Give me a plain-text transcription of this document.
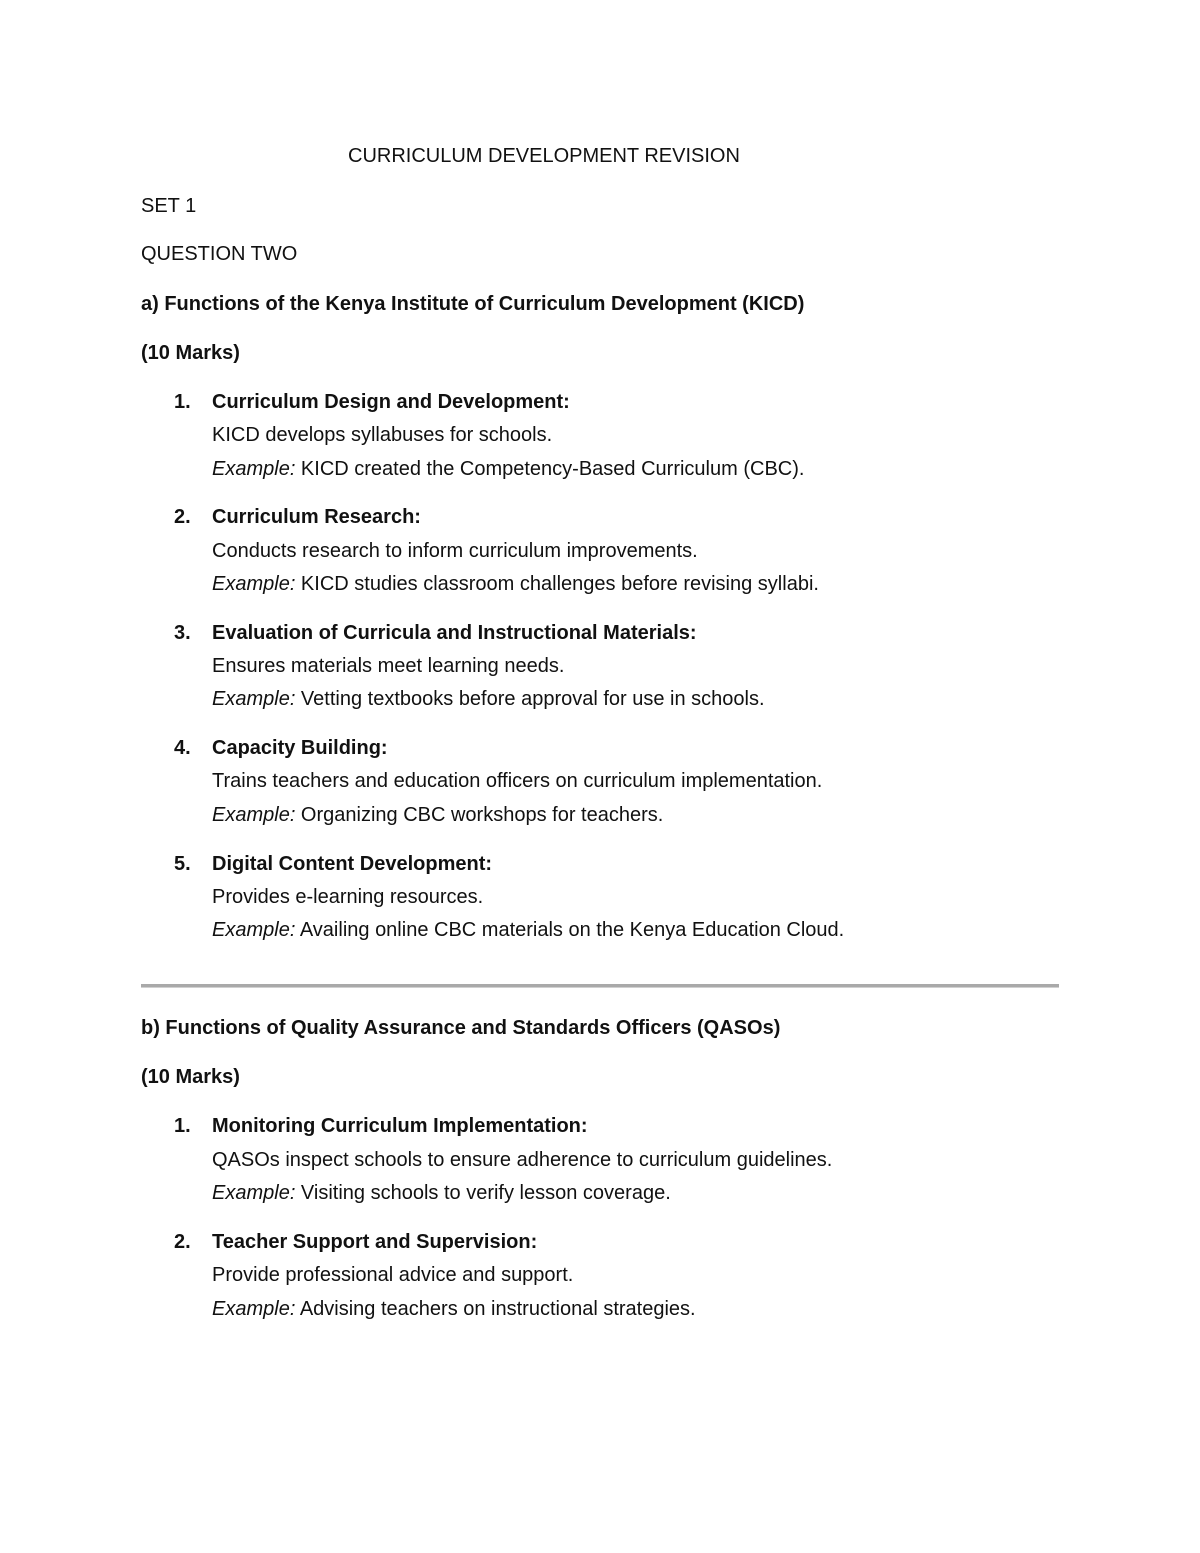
CURRICULUM DEVELOPMENT REVISION
SET 1
QUESTION TWO
a) Functions of the Kenya Institute of Curriculum Development (KICD)
(10 Marks)
1. Curriculum Design and Development:
KICD develops syllabuses for schools.
Example: KICD created the Competency-Based Curriculum (CBC).
2. Curriculum Research:
Conducts research to inform curriculum improvements.
Example: KICD studies classroom challenges before revising syllabi.
3. Evaluation of Curricula and Instructional Materials:
Ensures materials meet learning needs.
Example: Vetting textbooks before approval for use in schools.
4. Capacity Building:
Trains teachers and education officers on curriculum implementation.
Example: Organizing CBC workshops for teachers.
5. Digital Content Development:
Provides e-learning resources.
Example: Availing online CBC materials on the Kenya Education Cloud.
b) Functions of Quality Assurance and Standards Officers (QASOs)
(10 Marks)
1. Monitoring Curriculum Implementation:
QASOs inspect schools to ensure adherence to curriculum guidelines.
Example: Visiting schools to verify lesson coverage.
2. Teacher Support and Supervision:
Provide professional advice and support.
Example: Advising teachers on instructional strategies.
